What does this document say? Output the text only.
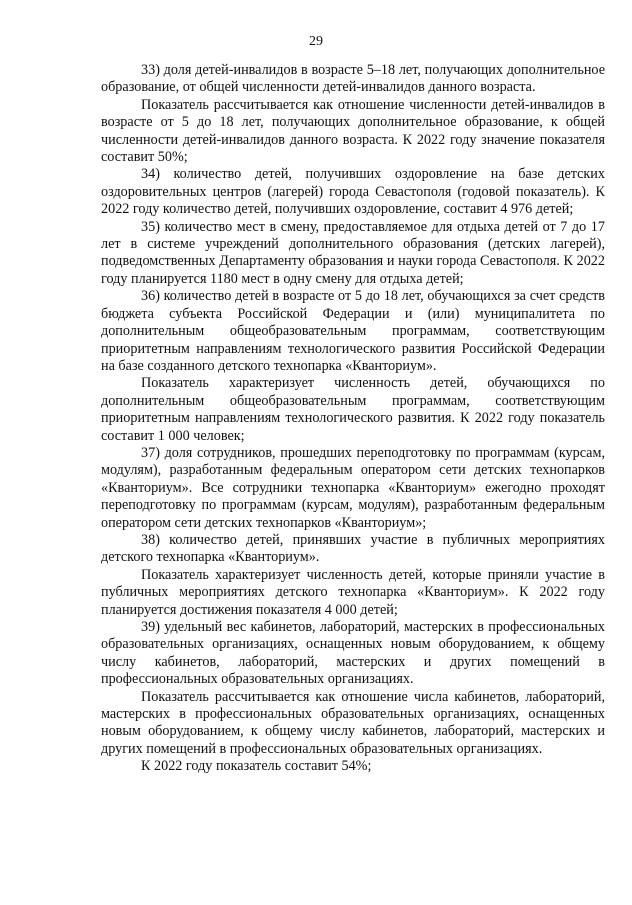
29

33) доля детей-инвалидов в возрасте 5–18 лет, получающих дополнительное образование, от общей численности детей-инвалидов данного возраста.

Показатель рассчитывается как отношение численности детей-инвалидов в возрасте от 5 до 18 лет, получающих дополнительное образование, к общей численности детей-инвалидов данного возраста. К 2022 году значение показателя составит 50%;

34) количество детей, получивших оздоровление на базе детских оздоровительных центров (лагерей) города Севастополя (годовой показатель). К 2022 году количество детей, получивших оздоровление, составит 4 976 детей;

35) количество мест в смену, предоставляемое для отдыха детей от 7 до 17 лет в системе учреждений дополнительного образования (детских лагерей), подведомственных Департаменту образования и науки города Севастополя. К 2022 году планируется 1180 мест в одну смену для отдыха детей;

36) количество детей в возрасте от 5 до 18 лет, обучающихся за счет средств бюджета субъекта Российской Федерации и (или) муниципалитета по дополнительным общеобразовательным программам, соответствующим приоритетным направлениям технологического развития Российской Федерации на базе созданного детского технопарка «Кванториум».

Показатель характеризует численность детей, обучающихся по дополнительным общеобразовательным программам, соответствующим приоритетным направлениям технологического развития. К 2022 году показатель составит 1 000 человек;

37) доля сотрудников, прошедших переподготовку по программам (курсам, модулям), разработанным федеральным оператором сети детских технопарков «Кванториум». Все сотрудники технопарка «Кванториум» ежегодно проходят переподготовку по программам (курсам, модулям), разработанным федеральным оператором сети детских технопарков «Кванториум»;

38) количество детей, принявших участие в публичных мероприятиях детского технопарка «Кванториум».

Показатель характеризует численность детей, которые приняли участие в публичных мероприятиях детского технопарка «Кванториум». К 2022 году планируется достижения показателя 4 000 детей;

39) удельный вес кабинетов, лабораторий, мастерских в профессиональных образовательных организациях, оснащенных новым оборудованием, к общему числу кабинетов, лабораторий, мастерских и других помещений в профессиональных образовательных организациях.

Показатель рассчитывается как отношение числа кабинетов, лабораторий, мастерских в профессиональных образовательных организациях, оснащенных новым оборудованием, к общему числу кабинетов, лабораторий, мастерских и других помещений в профессиональных образовательных организациях.

К 2022 году показатель составит 54%;
